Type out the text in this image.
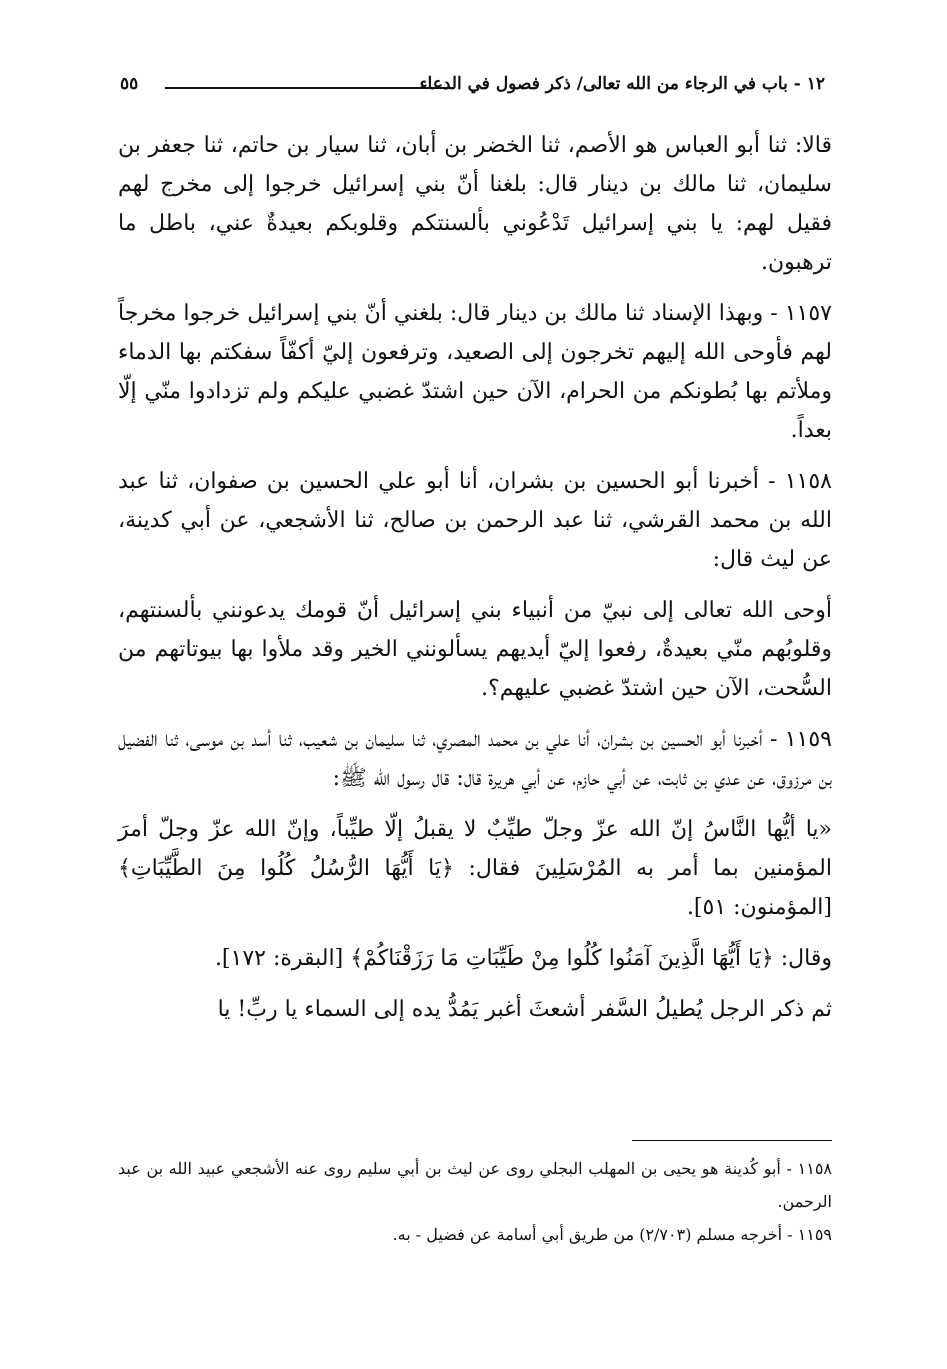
١٢ - باب في الرجاء من الله تعالى/ ذكر فصول في الدعاء
٥٥

قالا: ثنا أبو العباس هو الأصم، ثنا الخضر بن أبان، ثنا سيار بن حاتم، ثنا جعفر بن سليمان، ثنا مالك بن دينار قال: بلغنا أنّ بني إسرائيل خرجوا إلى مخرج لهم فقيل لهم: يا بني إسرائيل تَدْعُوني بألسنتكم وقلوبكم بعيدةٌ عني، باطل ما ترهبون.

١١٥٧ - وبهذا الإسناد ثنا مالك بن دينار قال: بلغني أنّ بني إسرائيل خرجوا مخرجاً لهم فأوحى الله إليهم تخرجون إلى الصعيد، وترفعون إليّ أكفّاً سفكتم بها الدماء وملأتم بها بُطونكم من الحرام، الآن حين اشتدّ غضبي عليكم ولم تزدادوا منّي إلّا بعداً.

١١٥٨ - أخبرنا أبو الحسين بن بشران، أنا أبو علي الحسين بن صفوان، ثنا عبد الله بن محمد القرشي، ثنا عبد الرحمن بن صالح، ثنا الأشجعي، عن أبي كدينة، عن ليث قال:

أوحى الله تعالى إلى نبيّ من أنبياء بني إسرائيل أنّ قومك يدعونني بألسنتهم، وقلوبُهم منّي بعيدةٌ، رفعوا إليّ أيديهم يسألونني الخير وقد ملأوا بها بيوتاتهم من السُّحت، الآن حين اشتدّ غضبي عليهم؟.

١١٥٩ - أخبرنا أبو الحسين بن بشران، أنا علي بن محمد المصري، ثنا سليمان بن شعيب، ثنا أسد بن موسى، ثنا الفضيل بن مرزوق، عن عدي بن ثابت، عن أبي حازم، عن أبي هريرة قال: قال رسول الله ﷺ:

«يا أيُّها النَّاسُ إنّ الله عزّ وجلّ طيِّبٌ لا يقبلُ إلّا طيِّباً، وإنّ الله عزّ وجلّ أمرَ المؤمنين بما أمر به المُرْسَلِينَ فقال: ﴿يَا أَيُّهَا الرُّسُلُ كُلُوا مِنَ الطَّيِّبَاتِ﴾ [المؤمنون: ٥١].

وقال: ﴿يَا أَيُّهَا الَّذِينَ آمَنُوا كُلُوا مِنْ طَيِّبَاتِ مَا رَزَقْنَاكُمْ﴾ [البقرة: ١٧٢].

ثم ذكر الرجل يُطيلُ السَّفر أشعثَ أغبر يَمُدُّ يده إلى السماء يا ربِّ! يا

١١٥٨ - أبو كُدينة هو يحيى بن المهلب البجلي روى عن ليث بن أبي سليم روى عنه الأشجعي عبيد الله بن عبد الرحمن.

١١٥٩ - أخرجه مسلم (٢/٧٠٣) من طريق أبي أسامة عن فضيل - به.
